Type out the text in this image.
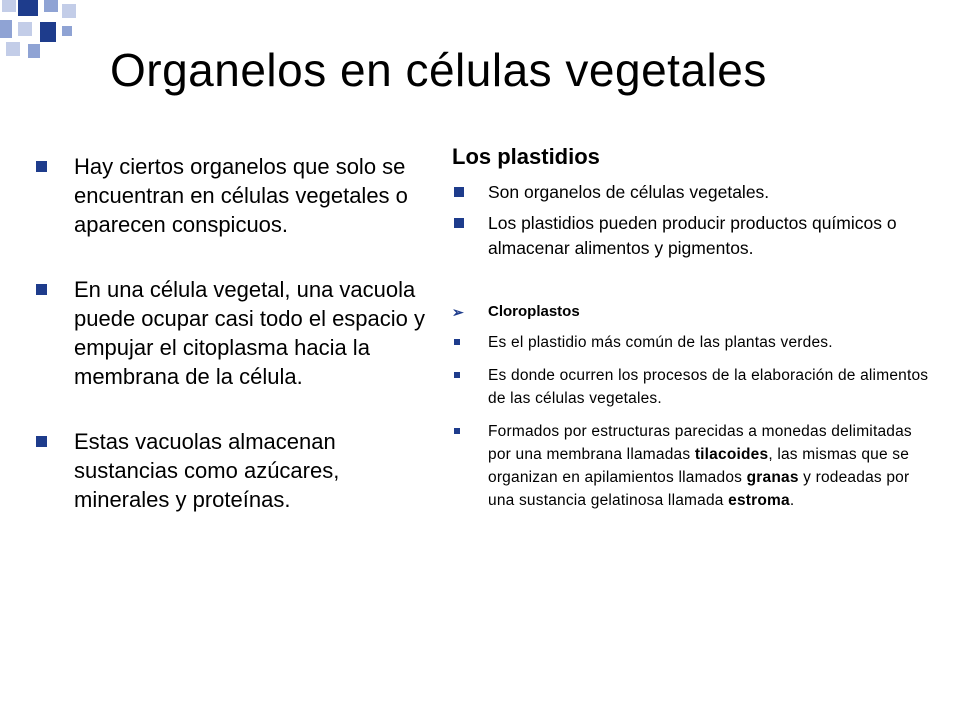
Organelos en células vegetales
Hay ciertos organelos que solo se encuentran en células vegetales o aparecen conspicuos.
En una célula vegetal, una vacuola puede ocupar casi todo el espacio y empujar el citoplasma hacia la membrana de la célula.
Estas vacuolas almacenan sustancias como azúcares, minerales y proteínas.
Los plastidios
Son organelos de células vegetales.
Los plastidios pueden producir productos químicos o almacenar alimentos y pigmentos.
➢ Cloroplastos
Es el plastidio más común de las plantas verdes.
Es donde ocurren los procesos de la elaboración de alimentos de las células vegetales.
Formados por estructuras parecidas a monedas delimitadas por una membrana llamadas tilacoides, las mismas que se organizan en apilamientos llamados granas y rodeadas por una sustancia gelatinosa llamada estroma.
